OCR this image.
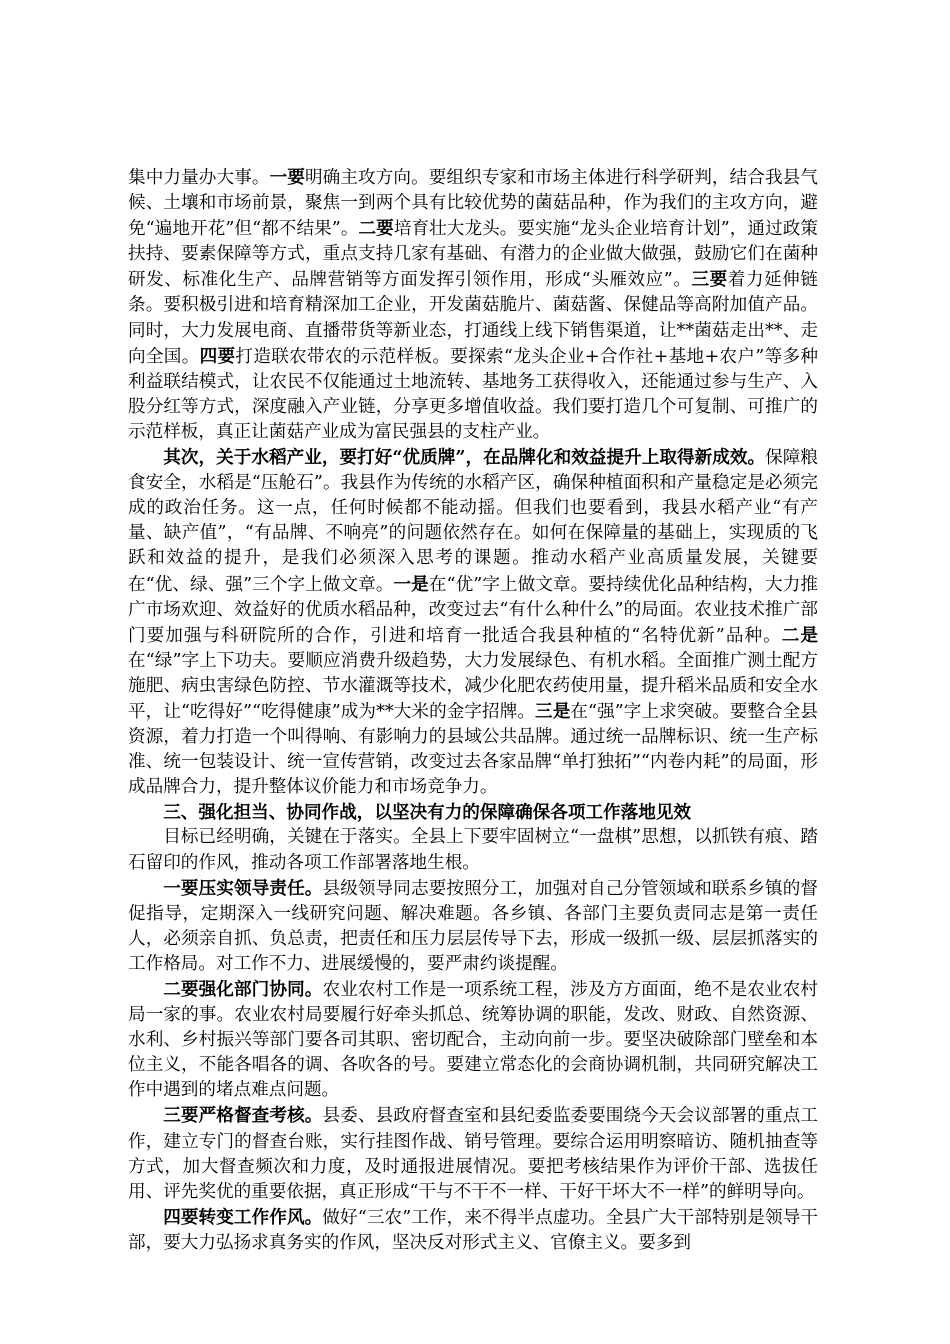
集中力量办大事。一要明确主攻方向。要组织专家和市场主体进行科学研判，结合我县气候、土壤和市场前景，聚焦一到两个具有比较优势的菌菇品种，作为我们的主攻方向，避免“遍地开花”但“都不结果”。二要培育壮大龙头。要实施“龙头企业培育计划”，通过政策扶持、要素保障等方式，重点支持几家有基础、有潜力的企业做大做强，鼓励它们在菌种研发、标准化生产、品牌营销等方面发挥引领作用，形成“头雁效应”。三要着力延伸链条。要积极引进和培育精深加工企业，开发菌菇脆片、菌菇酱、保健品等高附加值产品。同时，大力发展电商、直播带货等新业态，打通线上线下销售渠道，让**菌菇走出**、走向全国。四要打造联农带农的示范样板。要探索“龙头企业+合作社+基地+农户”等多种利益联结模式，让农民不仅能通过土地流转、基地务工获得收入，还能通过参与生产、入股分红等方式，深度融入产业链，分享更多增值收益。我们要打造几个可复制、可推广的示范样板，真正让菌菇产业成为富民强县的支柱产业。

其次，关于水稻产业，要打好“优质牌”，在品牌化和效益提升上取得新成效。保障粮食安全，水稻是“压舱石”。我县作为传统的水稻产区，确保种植面积和产量稳定是必须完成的政治任务。这一点，任何时候都不能动摇。但我们也要看到，我县水稻产业“有产量、缺产值”，“有品牌、不响亮”的问题依然存在。如何在保障量的基础上，实现质的飞跃和效益的提升，是我们必须深入思考的课题。推动水稻产业高质量发展，关键要在“优、绿、强”三个字上做文章。一是在“优”字上做文章。要持续优化品种结构，大力推广市场欢迎、效益好的优质水稻品种，改变过去“有什么种什么”的局面。农业技术推广部门要加强与科研院所的合作，引进和培育一批适合我县种植的“名特优新”品种。二是在“绿”字上下功夫。要顺应消费升级趋势，大力发展绿色、有机水稻。全面推广测土配方施肥、病虫害绿色防控、节水灌溉等技术，减少化肥农药使用量，提升稻米品质和安全水平，让“吃得好”“吃得健康”成为**大米的金字招牌。三是在“强”字上求突破。要整合全县资源，着力打造一个叫得响、有影响力的县域公共品牌。通过统一品牌标识、统一生产标准、统一包装设计、统一宣传营销，改变过去各家品牌“单打独拓”“内卷内耗”的局面，形成品牌合力，提升整体议价能力和市场竞争力。

三、强化担当、协同作战，以坚决有力的保障确保各项工作落地见效

目标已经明确，关键在于落实。全县上下要牢固树立“一盘棋”思想，以抓铁有痕、踏石留印的作风，推动各项工作部署落地生根。

一要压实领导责任。县级领导同志要按照分工，加强对自己分管领域和联系乡镇的督促指导，定期深入一线研究问题、解决难题。各乡镇、各部门主要负责同志是第一责任人，必须亲自抓、负总责，把责任和压力层层传导下去，形成一级抓一级、层层抓落实的工作格局。对工作不力、进展缓慢的，要严肃约谈提醒。

二要强化部门协同。农业农村工作是一项系统工程，涉及方方面面，绝不是农业农村局一家的事。农业农村局要履行好牵头抓总、统筹协调的职能，发改、财政、自然资源、水利、乡村振兴等部门要各司其职、密切配合，主动向前一步。要坚决破除部门壁垒和本位主义，不能各唱各的调、各吹各的号。要建立常态化的会商协调机制，共同研究解决工作中遇到的堵点难点问题。

三要严格督查考核。县委、县政府督查室和县纪委监委要围绕今天会议部署的重点工作，建立专门的督查台账，实行挂图作战、销号管理。要综合运用明察暗访、随机抽查等方式，加大督查频次和力度，及时通报进展情况。要把考核结果作为评价干部、选拔任用、评先奖优的重要依据，真正形成“干与不干不一样、干好干坏大不一样”的鲜明导向。

四要转变工作作风。做好“三农”工作，来不得半点虚功。全县广大干部特别是领导干部，要大力弘扬求真务实的作风，坚决反对形式主义、官僚主义。要多到
